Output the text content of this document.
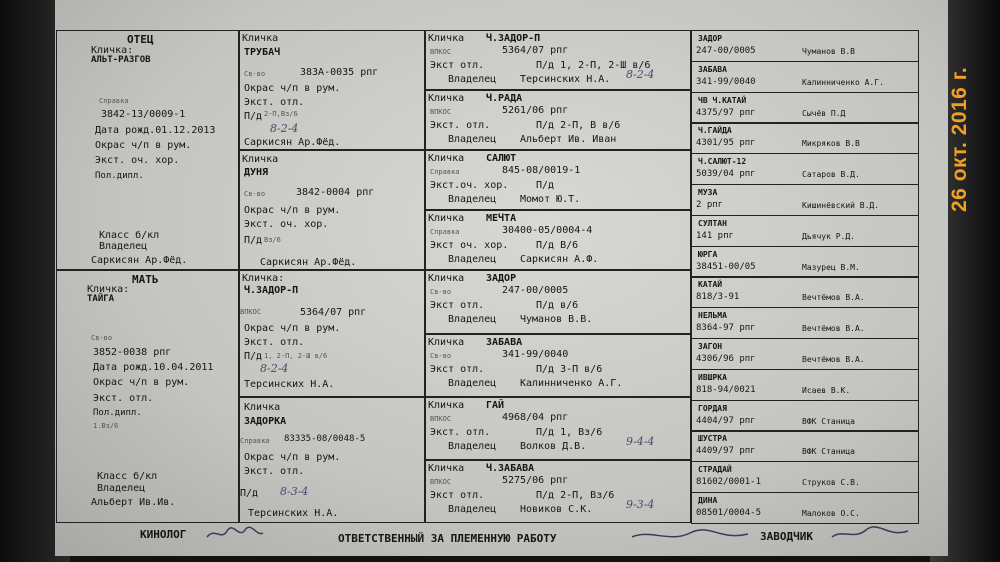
ОТЕЦ
Кличка:
АЛЬТ-РАЗГОВ
Справка
3842-13/0009-1
Дата рожд.01.12.2013
Окрас ч/п в рум.
Экст. оч. хор.
Пол.дипл.
Класс б/кл
Владелец
Саркисян Ар.Фёд.
МАТЬ
Кличка:
ТАЙГА
Св-во
3852-0038 рпг
Дата рожд.10.04.2011
Окрас ч/п в рум.
Экст. отл.
Пол.дипл.
1.Вз/6
Класс б/кл
Владелец
Альберт Ив.Ив.
Кличка
ТРУБАЧ
Св-во	383А-0035 рпг
Окрас ч/п в рум.
Экст. отл.
П/д 2-П,Вз/6
8-2-4
Саркисян Ар.Фёд.
Кличка
ДУНЯ
Св-во	3842-0004 рпг
Окрас ч/п в рум.
Экст. оч. хор.
П/д Вз/6
Саркисян Ар.Фёд.
Кличка:
Ч.ЗАДОР-П
ВПКОС	5364/07 рпг
Окрас ч/п в рум.
Экст. отл.
П/д 1, 2-П, 2-Ш в/6
8-2-4
Терсинских Н.А.
Кличка
ЗАДОРКА
Справка 83335-08/0048-5
Окрас ч/п в рум.
Экст. отл.
П/д 8-3-4
Терсинских Н.А.
Кличка Ч.ЗАДОР-П
ВПКОС	5364/07 рпг
Экст отл.	П/д 1, 2-П, 2-Ш в/6
Владелец Терсинских Н.А. 8-2-4
Кличка Ч.РАДА
ВПКОС	5261/06 рпг
Экст. отл.	П/д 2-П, В в/6
Владелец Альберт Ив. Иван
Кличка САЛЮТ
Справка	845-08/0019-1
Экст.оч. хор.	П/д
Владелец Момот Ю.Т.
Кличка МЕЧТА
Справка	30400-05/0004-4
Экст оч. хор.	П/д В/6
Владелец Саркисян А.Ф.
Кличка ЗАДОР
Св-во	247-00/0005
Экст отл.	П/д в/6
Владелец Чуманов В.В.
Кличка ЗАБАВА
Св-во	341-99/0040
Экст отл.	П/д 3-П в/6
Владелец Калинниченко А.Г.
Кличка ГАЙ
ВПКОС	4968/04 рпг
Экст. отл.	П/д 1, Вз/6
Владелец Волков Д.В.	9-4-4
Кличка Ч.ЗАБАВА
ВПКОС	5275/06 рпг
Экст отл.	П/д 2-П, Вз/6
Владелец Новиков С.К.	9-3-4
ЗАДОР
247-00/0005	Чуманов В.В
ЗАБАВА
341-99/0040	Калинниченко А.Г.
ЧВ Ч.КАТАЙ
4375/97 рпг	Сычёв П.Д
Ч.ГАЙДА
4301/95 рпг	Микряков В.В
Ч.САЛЮТ-12
5039/04 рпг	Сатаров В.Д.
МУЗА
2 рпг	Кишинёвский В.Д.
СУЛТАН
141 рпг	Дьячук Р.Д.
ЮРГА
38451-00/05	Мазурец В.М.
КАТАЙ
818/3-91	Вечтёмов В.А.
НЕЛЬМА
8364-97 рпг	Вечтёмов В.А.
ЗАГОН
4306/96 рпг	Вечтёмов В.А.
ИВШРКА
818-94/0021	Исаев В.К.
ГОРДАЯ
4404/97 рпг	ВФК Станица
ШУСТРА
4409/97 рпг	ВФК Станица
СТРАДАЙ
81602/0001-1	Струков С.В.
ДИНА
08501/0004-5	Малоков О.С.
КИНОЛОГ	ОТВЕТСТВЕННЫЙ ЗА ПЛЕМЕННУЮ РАБОТУ	ЗАВОДЧИК
26 окт. 2016 г.
